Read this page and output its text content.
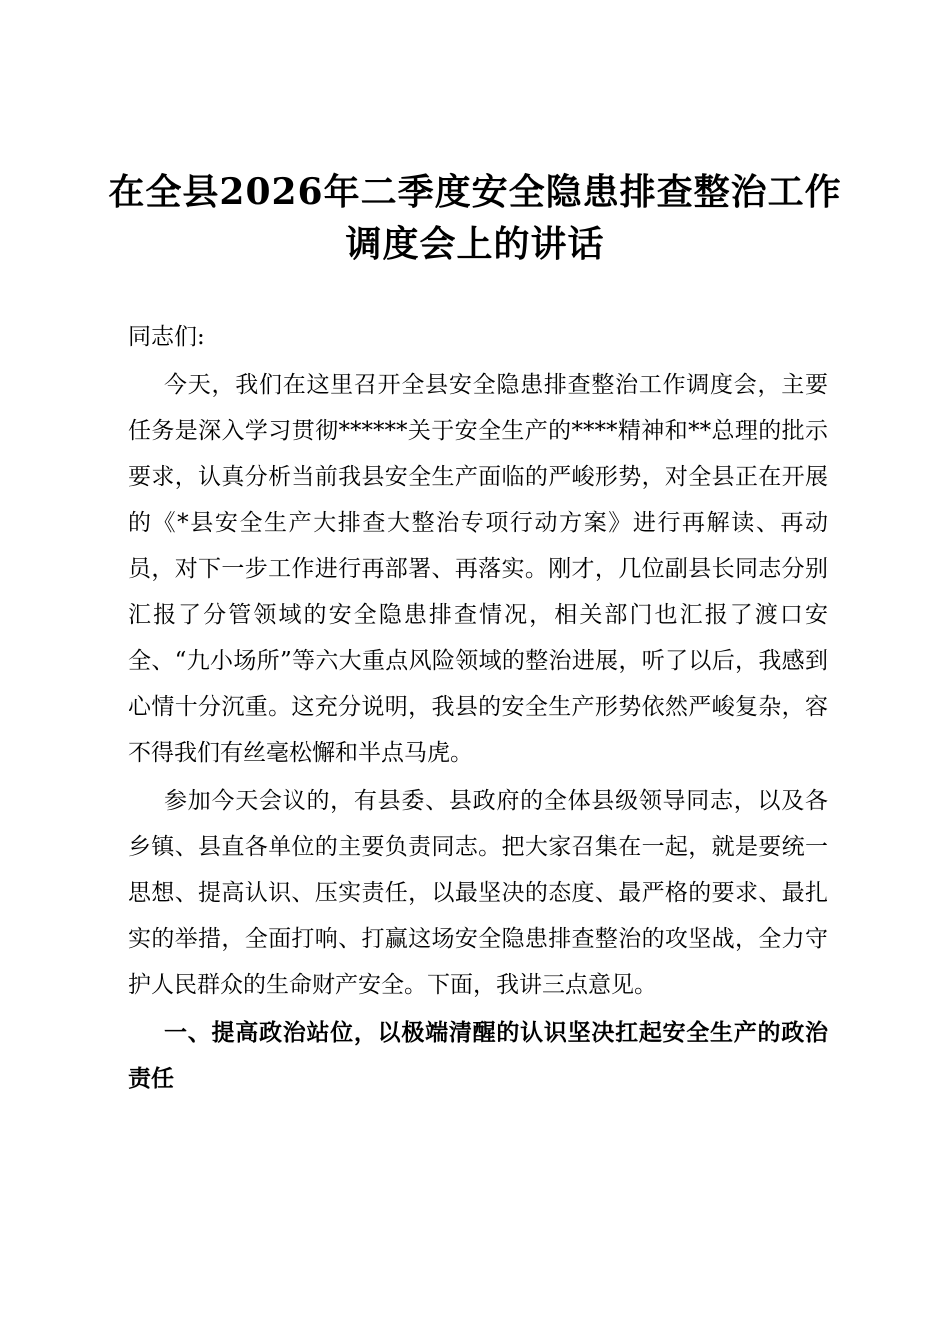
在全县2026年二季度安全隐患排查整治工作
调度会上的讲话

同志们:

今天，我们在这里召开全县安全隐患排查整治工作调度会，主要任务是深入学习贯彻******关于安全生产的****精神和**总理的批示要求，认真分析当前我县安全生产面临的严峻形势，对全县正在开展的《*县安全生产大排查大整治专项行动方案》进行再解读、再动员，对下一步工作进行再部署、再落实。刚才，几位副县长同志分别汇报了分管领域的安全隐患排查情况，相关部门也汇报了渡口安全、“九小场所”等六大重点风险领域的整治进展，听了以后，我感到心情十分沉重。这充分说明，我县的安全生产形势依然严峻复杂，容不得我们有丝毫松懈和半点马虎。

参加今天会议的，有县委、县政府的全体县级领导同志，以及各乡镇、县直各单位的主要负责同志。把大家召集在一起，就是要统一思想、提高认识、压实责任，以最坚决的态度、最严格的要求、最扎实的举措，全面打响、打赢这场安全隐患排查整治的攻坚战，全力守护人民群众的生命财产安全。下面，我讲三点意见。

一、提高政治站位，以极端清醒的认识坚决扛起安全生产的政治责任
